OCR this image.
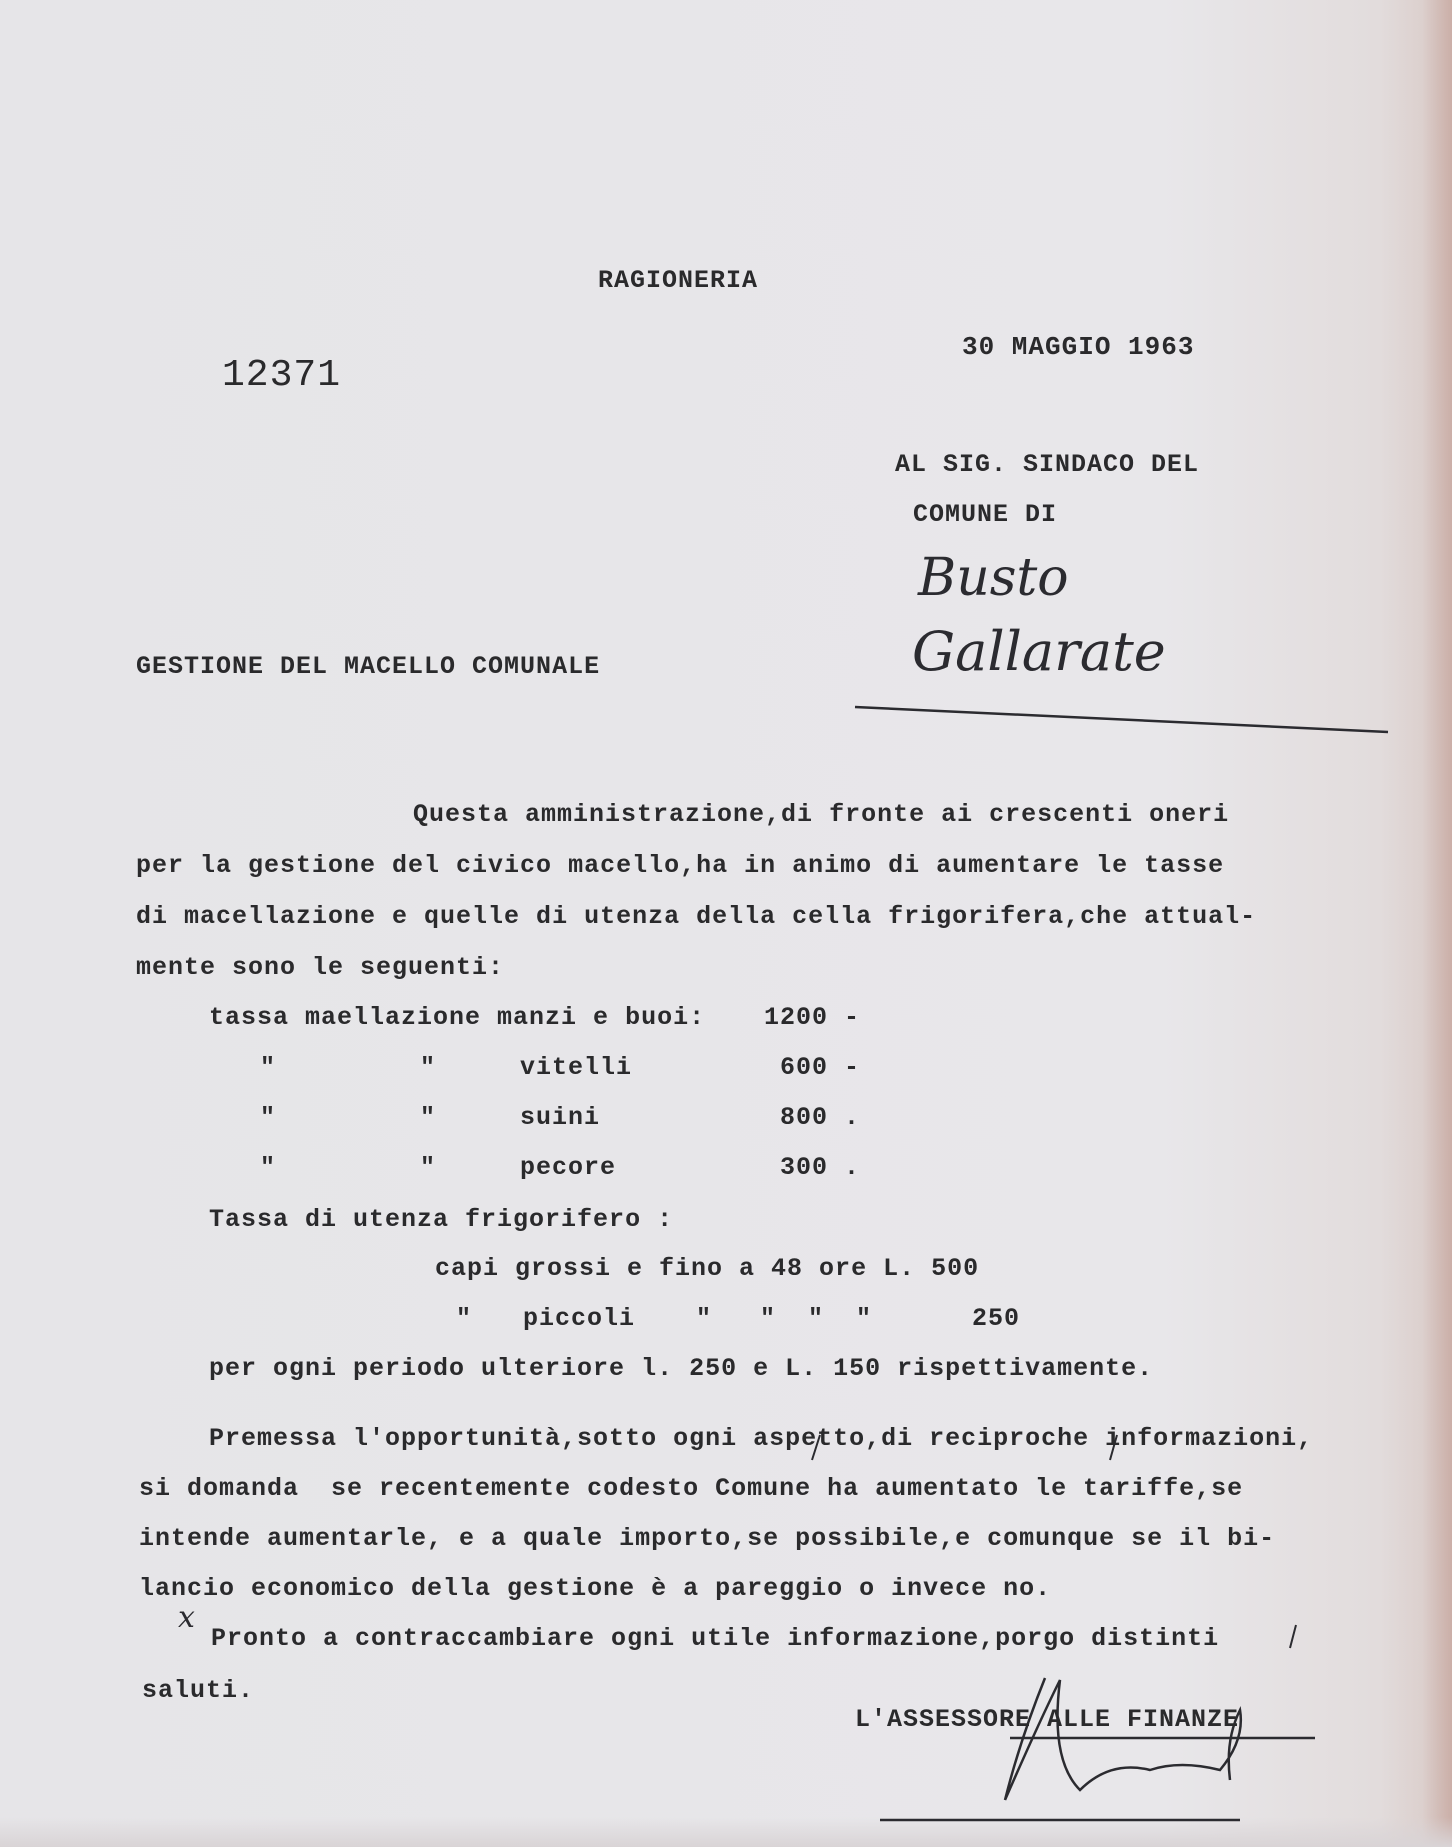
RAGIONERIA
30 MAGGIO 1963
12371
AL SIG. SINDACO DEL
COMUNE DI
Busto
Gallarate
GESTIONE DEL MACELLO COMUNALE
Questa amministrazione,di fronte ai crescenti oneri
per la gestione del civico macello,ha in animo di aumentare le tasse
di macellazione e quelle di utenza della cella frigorifera,che attual-
mente sono le seguenti:
tassa maellazione manzi e buoi: 1200 -
"         "	vitelli	600 -
"         "	suini	800 .
"         "	pecore	300 .
Tassa di utenza frigorifero :
capi grossi e fino a 48 ore L. 500
" piccoli "   "  "  "	250
per ogni periodo ulteriore l. 250 e L. 150 rispettivamente.
Premessa l'opportunità,sotto ogni aspetto,di reciproche informazioni,
si domanda  se recentemente codesto Comune ha aumentato le tariffe,se
intende aumentarle, e a quale importo,se possibile,e comunque se il bi-
lancio economico della gestione è a pareggio o invece no.
x
Pronto a contraccambiare ogni utile informazione,porgo distinti
saluti.
L'ASSESSORE ALLE FINANZE
